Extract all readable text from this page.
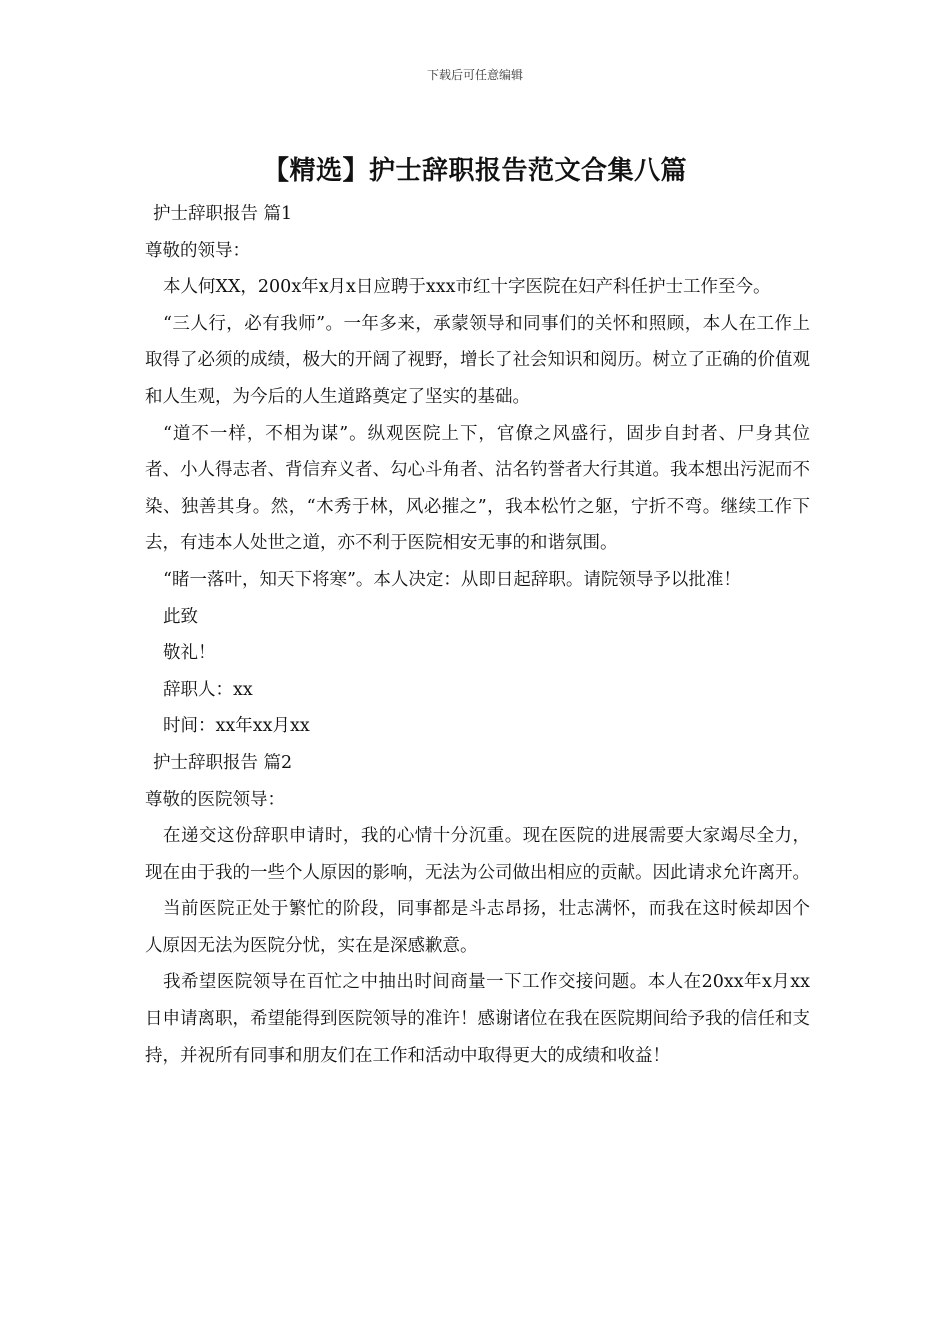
下载后可任意编辑
【精选】护士辞职报告范文合集八篇

护士辞职报告 篇1

尊敬的领导：

本人何XX，200x年x月x日应聘于xxx市红十字医院在妇产科任护士工作至今。

“三人行，必有我师”。一年多来，承蒙领导和同事们的关怀和照顾，本人在工作上取得了必须的成绩，极大的开阔了视野，增长了社会知识和阅历。树立了正确的价值观和人生观，为今后的人生道路奠定了坚实的基础。

“道不一样，不相为谋”。纵观医院上下，官僚之风盛行，固步自封者、尸身其位者、小人得志者、背信弃义者、勾心斗角者、沽名钓誉者大行其道。我本想出污泥而不染、独善其身。然，“木秀于林，风必摧之”，我本松竹之躯，宁折不弯。继续工作下去，有违本人处世之道，亦不利于医院相安无事的和谐氛围。

“睹一落叶，知天下将寒”。本人决定：从即日起辞职。请院领导予以批准！

此致

敬礼！

辞职人：xx

时间：xx年xx月xx

护士辞职报告 篇2

尊敬的医院领导：

在递交这份辞职申请时，我的心情十分沉重。现在医院的进展需要大家竭尽全力，现在由于我的一些个人原因的影响，无法为公司做出相应的贡献。因此请求允许离开。

当前医院正处于繁忙的阶段，同事都是斗志昂扬，壮志满怀，而我在这时候却因个人原因无法为医院分忧，实在是深感歉意。

我希望医院领导在百忙之中抽出时间商量一下工作交接问题。本人在20xx年x月xx日申请离职，希望能得到医院领导的准许！感谢诸位在我在医院期间给予我的信任和支持，并祝所有同事和朋友们在工作和活动中取得更大的成绩和收益！
